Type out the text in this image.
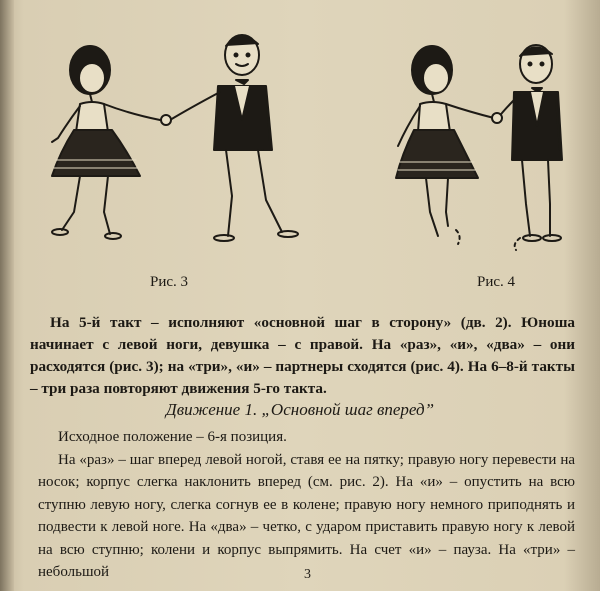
Рис. 3	Рис. 4
На 5-й такт – исполняют «основной шаг в сторону» (дв. 2). Юноша начинает с левой ноги, девушка – с правой. На «раз», «и», «два» – они расходятся (рис. 3); на «три», «и» – партнеры сходятся (рис. 4). На 6–8-й такты – три раза повторяют движения 5-го такта.
Движение 1. „Основной шаг вперед”

Исходное положение – 6-я позиция.

На «раз» – шаг вперед левой ногой, ставя ее на пятку; правую ногу перевести на носок; корпус слегка наклонить вперед (см. рис. 2). На «и» – опустить на всю ступню левую ногу, слегка согнув ее в колене; правую ногу немного приподнять и подвести к левой ноге. На «два» – четко, с ударом приставить правую ногу к левой на всю ступню; колени и корпус выпрямить. На счет «и» – пауза. На «три» – небольшой	3
